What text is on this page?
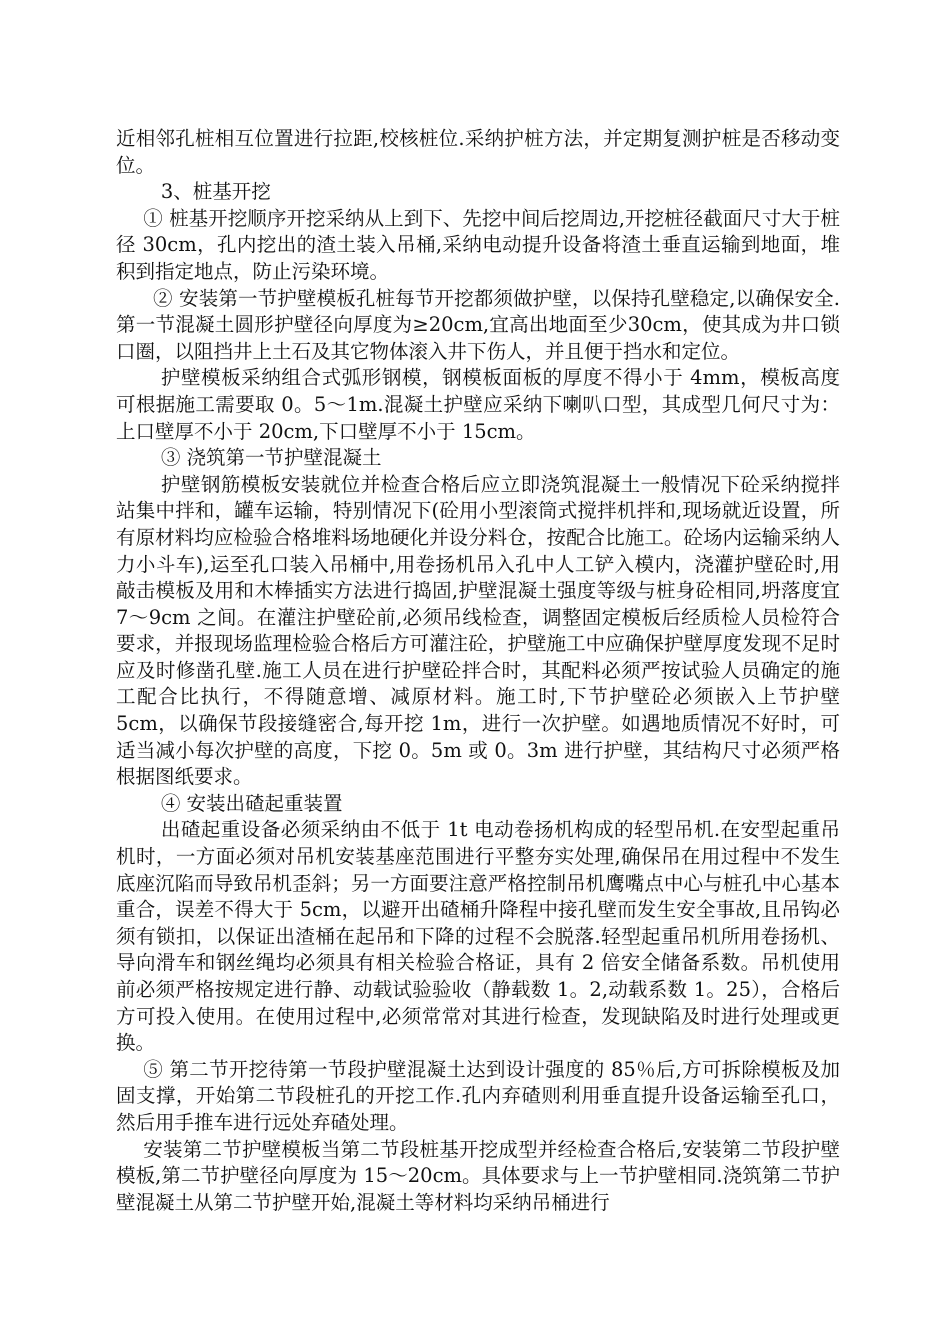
近相邻孔桩相互位置进行拉距,校核桩位.采纳护桩方法，并定期复测护桩是否移动变位。

3、桩基开挖

① 桩基开挖顺序开挖采纳从上到下、先挖中间后挖周边,开挖桩径截面尺寸大于桩径 30cm，孔内挖出的渣土装入吊桶,采纳电动提升设备将渣土垂直运输到地面，堆积到指定地点，防止污染环境。

② 安装第一节护壁模板孔桩每节开挖都须做护壁，以保持孔壁稳定,以确保安全.第一节混凝土圆形护壁径向厚度为≥20cm,宜高出地面至少30cm，使其成为井口锁口圈，以阻挡井上土石及其它物体滚入井下伤人，并且便于挡水和定位。

护壁模板采纳组合式弧形钢模，钢模板面板的厚度不得小于 4mm，模板高度可根据施工需要取 0。5～1m.混凝土护壁应采纳下喇叭口型，其成型几何尺寸为：上口壁厚不小于 20cm,下口壁厚不小于 15cm。

③ 浇筑第一节护壁混凝土

护壁钢筋模板安装就位并检查合格后应立即浇筑混凝土一般情况下砼采纳搅拌站集中拌和，罐车运输，特别情况下(砼用小型滚筒式搅拌机拌和,现场就近设置，所有原材料均应检验合格堆料场地硬化并设分料仓，按配合比施工。砼场内运输采纳人力小斗车),运至孔口装入吊桶中,用卷扬机吊入孔中人工铲入模内，浇灌护壁砼时,用敲击模板及用和木棒插实方法进行捣固,护壁混凝土强度等级与桩身砼相同,坍落度宜 7～9cm 之间。在灌注护壁砼前,必须吊线检查，调整固定模板后经质检人员检符合要求，并报现场监理检验合格后方可灌注砼，护壁施工中应确保护壁厚度发现不足时应及时修凿孔壁.施工人员在进行护壁砼拌合时，其配料必须严按试验人员确定的施工配合比执行，不得随意增、减原材料。施工时,下节护壁砼必须嵌入上节护壁 5cm，以确保节段接缝密合,每开挖 1m，进行一次护壁。如遇地质情况不好时，可适当减小每次护壁的高度，下挖 0。5m 或 0。3m 进行护壁，其结构尺寸必须严格根据图纸要求。

④ 安装出碴起重装置

出碴起重设备必须采纳由不低于 1t 电动卷扬机构成的轻型吊机.在安型起重吊机时，一方面必须对吊机安装基座范围进行平整夯实处理,确保吊在用过程中不发生底座沉陷而导致吊机歪斜；另一方面要注意严格控制吊机鹰嘴点中心与桩孔中心基本重合，误差不得大于 5cm，以避开出碴桶升降程中接孔壁而发生安全事故,且吊钩必须有锁扣，以保证出渣桶在起吊和下降的过程不会脱落.轻型起重吊机所用卷扬机、导向滑车和钢丝绳均必须具有相关检验合格证，具有 2 倍安全储备系数。吊机使用前必须严格按规定进行静、动载试验验收（静载数 1。2,动载系数 1。25），合格后方可投入使用。在使用过程中,必须常常对其进行检查，发现缺陷及时进行处理或更换。

⑤ 第二节开挖待第一节段护壁混凝土达到设计强度的 85％后,方可拆除模板及加固支撑，开始第二节段桩孔的开挖工作.孔内弃碴则利用垂直提升设备运输至孔口，然后用手推车进行远处弃碴处理。

安装第二节护壁模板当第二节段桩基开挖成型并经检查合格后,安装第二节段护壁模板,第二节护壁径向厚度为 15～20cm。具体要求与上一节护壁相同.浇筑第二节护壁混凝土从第二节护壁开始,混凝土等材料均采纳吊桶进行
